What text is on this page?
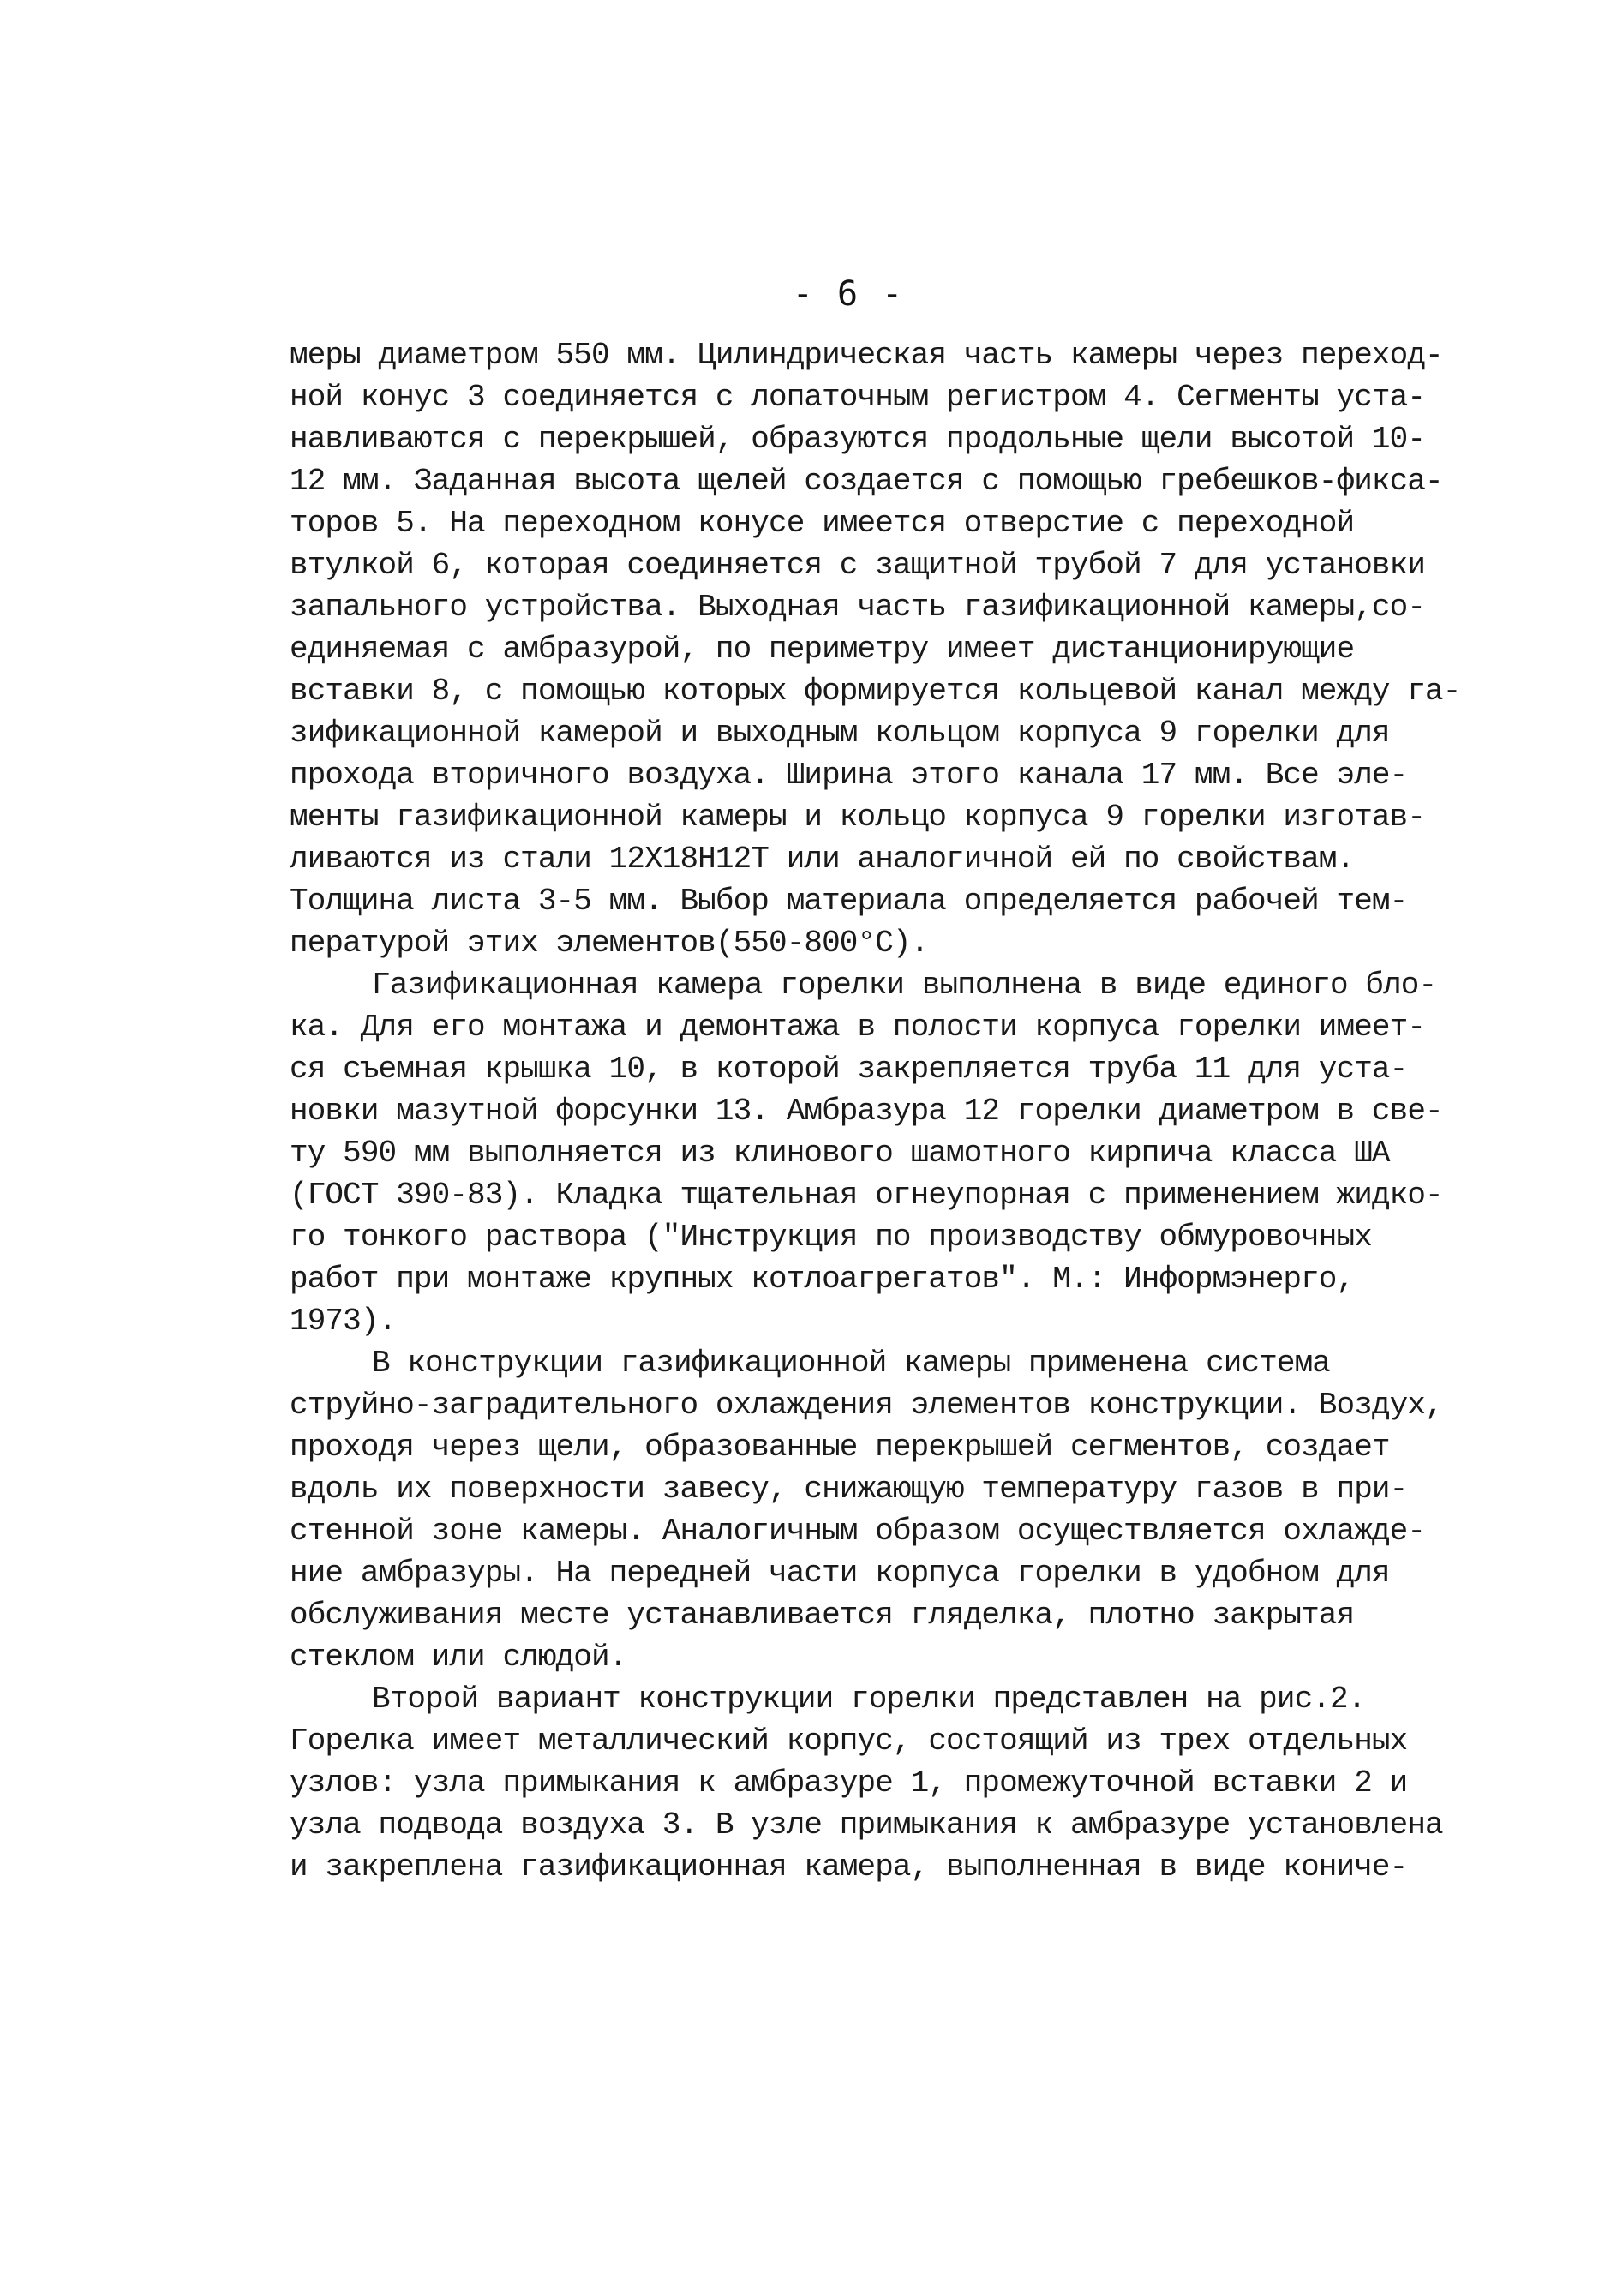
- 6 -
меры диаметром 550 мм. Цилиндрическая часть камеры через переход-
ной конус 3 соединяется с лопаточным регистром 4. Сегменты уста-
навливаются с перекрышей, образуются продольные щели высотой 10-
12 мм. Заданная высота щелей создается с помощью гребешков-фикса-
торов 5. На переходном конусе имеется отверстие с переходной
втулкой 6, которая соединяется с защитной трубой 7 для установки
запального устройства. Выходная часть газификационной камеры,со-
единяемая с амбразурой, по периметру имеет дистанционирующие
вставки 8, с помощью которых формируется кольцевой канал между га-
зификационной камерой и выходным кольцом корпуса 9 горелки для
прохода вторичного воздуха. Ширина этого канала 17 мм. Все эле-
менты газификационной камеры и кольцо корпуса 9 горелки изготав-
ливаются из стали 12Х18Н12Т или аналогичной ей по свойствам.
Толщина листа 3-5 мм. Выбор материала определяется рабочей тем-
пературой этих элементов(550-800°С).
Газификационная камера горелки выполнена в виде единого бло-
ка. Для его монтажа и демонтажа в полости корпуса горелки имеет-
ся съемная крышка 10, в которой закрепляется труба 11 для уста-
новки мазутной форсунки 13. Амбразура 12 горелки диаметром в све-
ту 590 мм выполняется из клинового шамотного кирпича класса ША
(ГОСТ 390-83). Кладка тщательная огнеупорная с применением жидко-
го тонкого раствора ("Инструкция по производству обмуровочных
работ при монтаже крупных котлоагрегатов". М.: Информэнерго,
1973).
В конструкции газификационной камеры применена система
струйно-заградительного охлаждения элементов конструкции. Воздух,
проходя через щели, образованные перекрышей сегментов, создает
вдоль их поверхности завесу, снижающую температуру газов в при-
стенной зоне камеры. Аналогичным образом осуществляется охлажде-
ние амбразуры. На передней части корпуса горелки в удобном для
обслуживания месте устанавливается гляделка, плотно закрытая
стеклом или слюдой.
Второй вариант конструкции горелки представлен на рис.2.
Горелка имеет металлический корпус, состоящий из трех отдельных
узлов: узла примыкания к амбразуре 1, промежуточной вставки 2 и
узла подвода воздуха 3. В узле примыкания к амбразуре установлена
и закреплена газификационная камера, выполненная в виде кониче-
